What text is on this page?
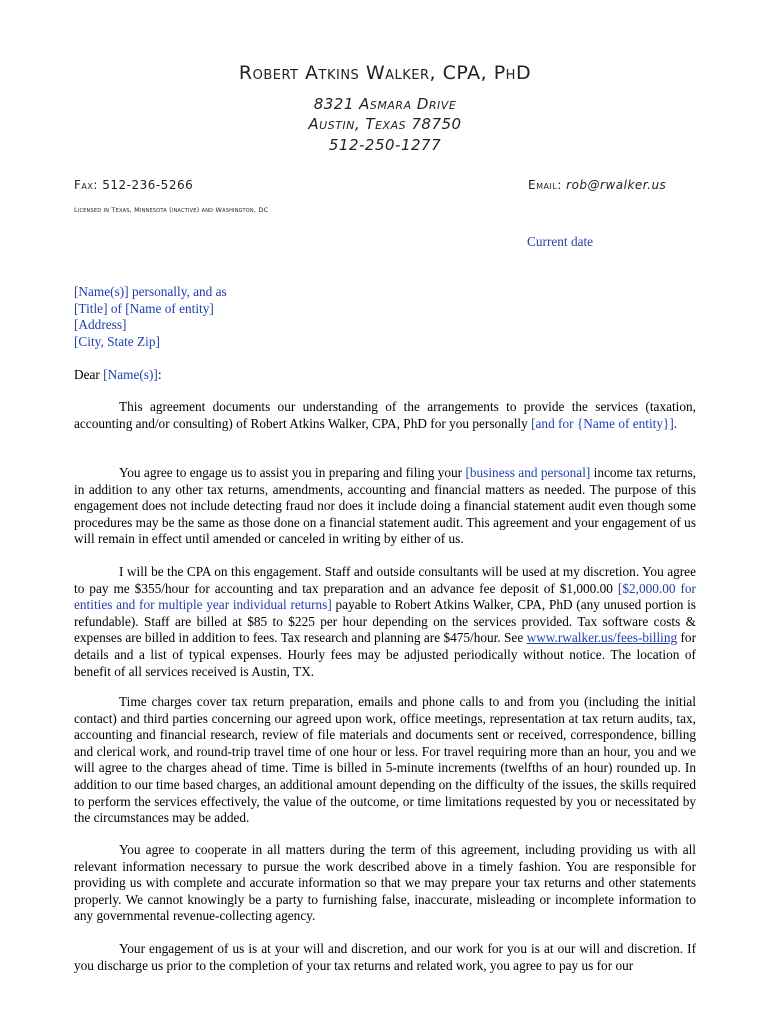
Robert Atkins Walker, CPA, PhD
8321 Asmara Drive
Austin, Texas 78750
512-250-1277
Fax: 512-236-5266	Email: rob@rwalker.us
Licensed in Texas, Minnesota (inactive) and Washington, DC
Current date
[Name(s)] personally, and as
[Title] of [Name of entity]
[Address]
[City, State Zip]
Dear [Name(s)]:
This agreement documents our understanding of the arrangements to provide the services (taxation, accounting and/or consulting) of Robert Atkins Walker, CPA, PhD for you personally [and for {Name of entity}].
You agree to engage us to assist you in preparing and filing your [business and personal] income tax returns, in addition to any other tax returns, amendments, accounting and financial matters as needed. The purpose of this engagement does not include detecting fraud nor does it include doing a financial statement audit even though some procedures may be the same as those done on a financial statement audit. This agreement and your engagement of us will remain in effect until amended or canceled in writing by either of us.
I will be the CPA on this engagement. Staff and outside consultants will be used at my discretion. You agree to pay me $355/hour for accounting and tax preparation and an advance fee deposit of $1,000.00 [$2,000.00 for entities and for multiple year individual returns] payable to Robert Atkins Walker, CPA, PhD (any unused portion is refundable). Staff are billed at $85 to $225 per hour depending on the services provided. Tax software costs & expenses are billed in addition to fees. Tax research and planning are $475/hour. See www.rwalker.us/fees-billing for details and a list of typical expenses. Hourly fees may be adjusted periodically without notice. The location of benefit of all services received is Austin, TX.
Time charges cover tax return preparation, emails and phone calls to and from you (including the initial contact) and third parties concerning our agreed upon work, office meetings, representation at tax return audits, tax, accounting and financial research, review of file materials and documents sent or received, correspondence, billing and clerical work, and round-trip travel time of one hour or less. For travel requiring more than an hour, you and we will agree to the charges ahead of time. Time is billed in 5-minute increments (twelfths of an hour) rounded up. In addition to our time based charges, an additional amount depending on the difficulty of the issues, the skills required to perform the services effectively, the value of the outcome, or time limitations requested by you or necessitated by the circumstances may be added.
You agree to cooperate in all matters during the term of this agreement, including providing us with all relevant information necessary to pursue the work described above in a timely fashion. You are responsible for providing us with complete and accurate information so that we may prepare your tax returns and other statements properly. We cannot knowingly be a party to furnishing false, inaccurate, misleading or incomplete information to any governmental revenue-collecting agency.
Your engagement of us is at your will and discretion, and our work for you is at our will and discretion. If you discharge us prior to the completion of your tax returns and related work, you agree to pay us for our
